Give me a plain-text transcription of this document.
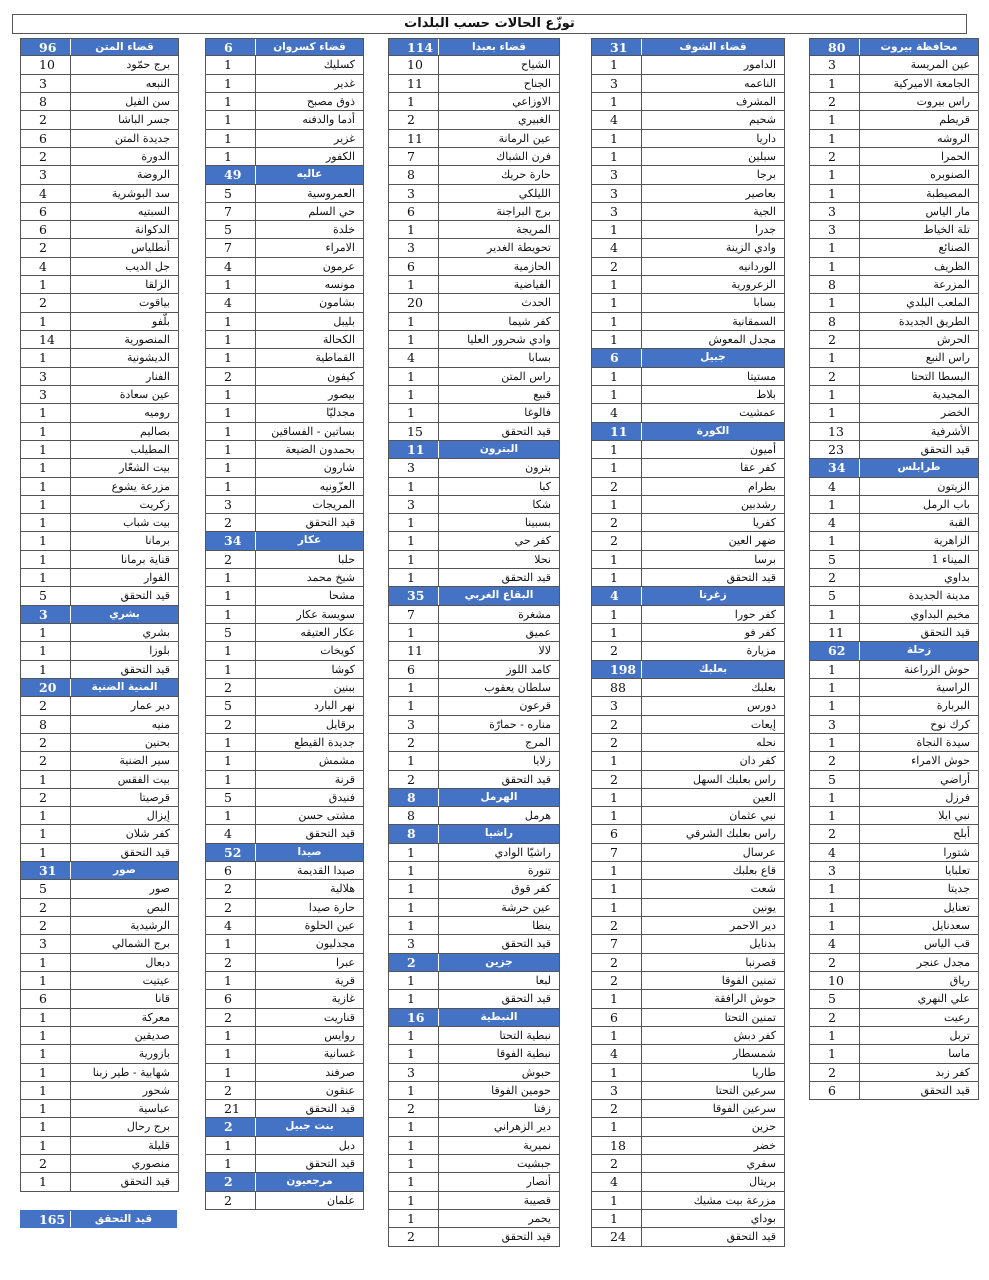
توزّع الحالات حسب البلدات
96	قضاء المتن
10	برج حمّود
3	النبعه
8	سن الفيل
2	جسر الباشا
6	جديدة المتن
2	الدورة
3	الروضة
4	سد البوشرية
6	السبتيه
6	الدكوانة
2	أنطلياس
4	جل الديب
1	الزلقا
2	بياقوت
1	بلّفو
14	المنصورية
1	الديشونية
3	الفنار
3	عين سعادة
1	روميه
1	بصاليم
1	المطيلب
1	بيت الشعّار
1	مزرعة يشوع
1	زكريت
1	بيت شباب
1	برمانا
1	قناية برمانا
1	الفوار
5	قيد التحقق
3	بشري
1	بشري
1	بلوزا
1	قيد التحقق
20	المنية الضنية
2	دير عمار
8	منيه
2	بحنين
2	سير الضنية
1	بيت الفقس
2	قرصيتا
1	إيزال
1	كفر شلان
1	قيد التحقق
31	صور
5	صور
2	البص
2	الرشيدية
3	برج الشمالي
1	دبعال
1	عيتيت
6	قانا
1	معركة
1	صديقين
1	بازورية
1	شهابية - طير زبنا
1	شحور
1	عباسية
1	برج رحال
1	قليلة
2	منصوري
1	قيد التحقق
6	قضاء كسروان
1	كسليك
1	غدير
1	ذوق مصبح
1	أدما والدفنه
1	غزير
1	الكفور
49	عاليه
5	العمروسية
7	حي السلم
5	خلدة
7	الامراء
4	عرمون
1	مونسه
4	بشامون
1	بليبل
1	الكحالة
1	القماطية
2	كيفون
1	بيصور
1	مجدليّا
1	بساتين - الفساقين
1	بحمدون الضيعة
1	شارون
1	العزّونيه
3	المريجات
2	قيد التحقق
34	عكار
2	حلبا
1	شيخ محمد
1	مشحا
1	سويسة عكار
5	عكار العتيقه
1	كويخات
1	كوشا
2	ببنين
5	نهر البارد
2	برقايل
1	جديدة القيطع
1	مشمش
1	قرنة
5	فنيدق
1	مشتى حسن
4	قيد التحقق
52	صيدا
6	صيدا القديمة
2	هلالية
2	حارة صيدا
4	عين الحلوة
1	مجدليون
2	عبرا
1	قرية
6	غازية
2	قناريت
1	روايس
1	غسانية
1	صرفند
2	عنقون
21	قيد التحقق
2	بنت جبيل
1	دبل
1	قيد التحقق
2	مرجعيون
2	علمان
114	قضاء بعبدا
10	الشياح
11	الجناح
1	الاوزاعي
2	الغبيري
11	عين الرمانة
7	فرن الشباك
8	حارة حريك
3	الليلكي
6	برج البراجنة
1	المريجة
3	تحويطة الغدير
6	الحازمية
1	الفياضية
20	الحدث
1	كفر شيما
1	وادي شحرور العليا
4	بسابا
1	راس المتن
1	قبيع
1	فالوغا
15	قيد التحقق
11	البترون
3	بترون
1	كبا
3	شكا
1	بسبينا
1	كفر حي
1	نحلا
1	قيد التحقق
35	البقاع الغربي
7	مشغرة
1	عميق
11	لالا
6	كامد اللوز
1	سلطان يعقوب
1	قرعون
3	مناره - حمارّة
2	المرج
1	زلايا
2	قيد التحقق
8	الهرمل
8	هرمل
8	راشيا
1	راشيّا الوادي
1	تنورة
1	كفر قوق
1	عين حرشة
1	ينطا
3	قيد التحقق
2	جزين
1	لبعا
1	قيد التحقق
16	النبطية
1	نبطية التحتا
1	نبطية الفوقا
3	حبوش
1	حومين الفوقا
2	زفتا
1	دير الزهراني
1	نميرية
1	جبشيت
1	أنصار
1	قصيبة
1	يحمر
2	قيد التحقق
31	قضاء الشوف
1	الدامور
3	الناعمه
1	المشرف
4	شحيم
1	داريا
1	سبلين
3	برجا
3	بعاصير
3	الجية
1	جدرا
4	وادي الزينة
2	الوردانيه
1	الزعرورية
1	بسابا
1	السمقانية
1	مجدل المعوش
6	جبيل
1	مستيتا
1	بلاط
4	عمشيت
11	الكورة
1	أميون
1	كفر عقا
2	بطرام
1	رشدبين
2	كفريا
2	ضهر العين
1	برسا
1	قيد التحقق
4	زغرتا
1	كفر حورا
1	كفر فو
2	مزيارة
198	بعلبك
88	بعلبك
3	دورس
2	إيعات
2	نحله
1	كفر دان
2	راس بعلبك السهل
1	العين
1	نبي عثمان
6	راس بعلبك الشرقي
7	عرسال
1	قاع بعلبك
1	شعت
1	يونين
2	دير الاحمر
7	بدنايل
2	قصرنبا
2	تمنين الفوقا
1	حوش الرافقة
6	تمنين التحتا
1	كفر دبش
4	شمسطار
1	طاريا
3	سرعين التحتا
2	سرعين الفوقا
1	حزين
18	خضر
2	سفري
4	بريتال
1	مزرعة بيت مشيك
1	بوداي
24	قيد التحقق
80	محافظة بيروت
3	عين المريسة
1	الجامعة الاميركية
2	راس بيروت
1	قريطم
1	الروشه
2	الحمرا
1	الصنوبره
1	المصيطبة
3	مار الياس
3	تلة الخياط
1	الصنائع
1	الظريف
8	المزرعة
1	الملعب البلدي
8	الطريق الجديدة
2	الحرش
1	راس النبع
2	البسطا التحتا
1	المجيدية
1	الخضر
13	الأشرفية
23	قيد التحقق
34	طرابلس
4	الزيتون
1	باب الرمل
4	القبة
1	الزاهرية
5	الميناء 1
2	بداوي
5	مدينة الجديدة
1	مخيم البداوي
11	قيد التحقق
62	زحلة
1	حوش الزراعنة
1	الراسية
1	البربارة
3	كرك نوح
1	سيدة النجاة
2	حوش الامراء
5	أراضي
1	فرزل
1	نبي ايلا
2	أبلح
4	شتورا
3	تعلبايا
1	جديتا
1	تعنايل
1	سعدنايل
4	قب الياس
2	مجدل عنجر
10	رياق
5	علي النهري
2	رعيت
1	تربل
1	ماسا
2	كفر زبد
6	قيد التحقق
165	قيد التحقق
